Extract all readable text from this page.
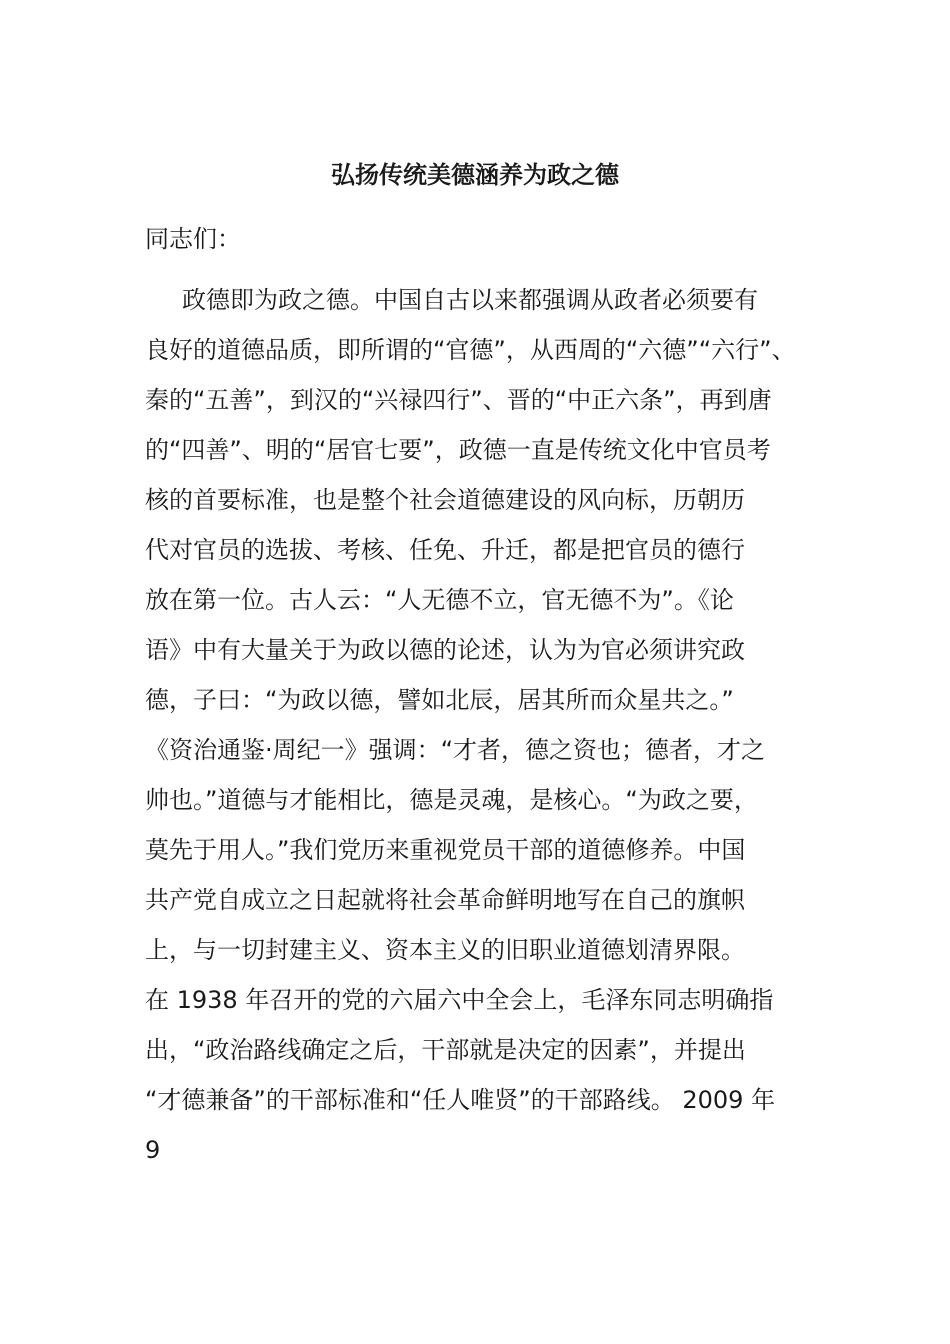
弘扬传统美德涵养为政之德
同志们：
政德即为政之德。中国自古以来都强调从政者必须要有
良好的道德品质，即所谓的“官德”，从西周的“六德”“六行”、
秦的“五善”，到汉的“兴禄四行”、晋的“中正六条”，再到唐
的“四善”、明的“居官七要”，政德一直是传统文化中官员考
核的首要标准，也是整个社会道德建设的风向标，历朝历
代对官员的选拔、考核、任免、升迁，都是把官员的德行
放在第一位。古人云：“人无德不立，官无德不为”。《论
语》中有大量关于为政以德的论述，认为为官必须讲究政
德，子曰：“为政以德，譬如北辰，居其所而众星共之。”
《资治通鉴·周纪一》强调：“才者，德之资也；德者，才之
帅也。”道德与才能相比，德是灵魂，是核心。“为政之要，
莫先于用人。”我们党历来重视党员干部的道德修养。中国
共产党自成立之日起就将社会革命鲜明地写在自己的旗帜
上，与一切封建主义、资本主义的旧职业道德划清界限。
在 1938 年召开的党的六届六中全会上，毛泽东同志明确指
出，“政治路线确定之后，干部就是决定的因素”，并提出
“才德兼备”的干部标准和“任人唯贤”的干部路线。 2009 年
9
